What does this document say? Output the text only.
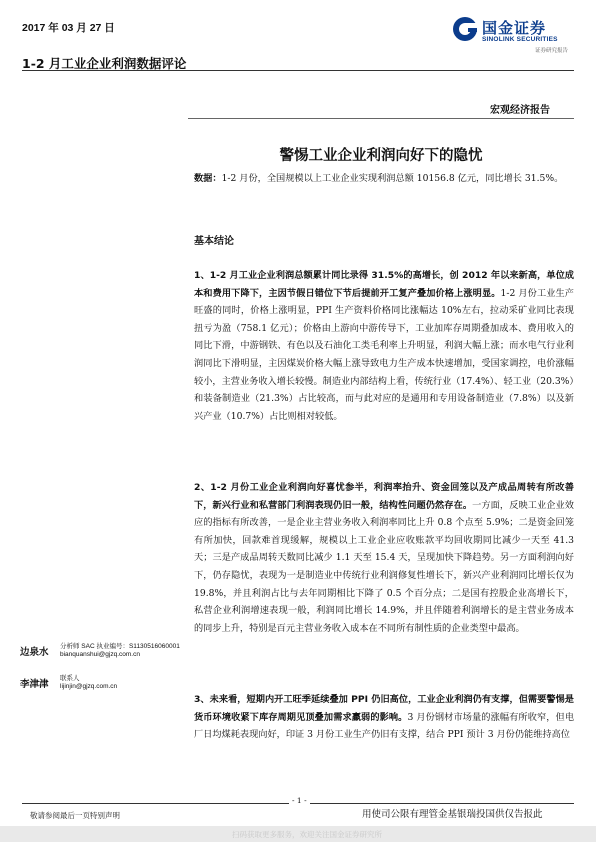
2017 年 03 月 27 日
1-2 月工业企业利润数据评论
国金证券
SINOLINK SECURITIES
证券研究报告
宏观经济报告
警惕工业企业利润向好下的隐忧
数据：1-2 月份，全国规模以上工业企业实现利润总额 10156.8 亿元，同比增长 31.5%。
基本结论
1、1-2 月工业企业利润总额累计同比录得 31.5%的高增长，创 2012 年以来新高，单位成本和费用下降下，主因节假日错位下节后提前开工复产叠加价格上涨明显。1-2 月份工业生产旺盛的同时，价格上涨明显，PPI 生产资料价格同比涨幅达 10%左右，拉动采矿业同比表现扭亏为盈（758.1 亿元）；价格由上游向中游传导下，工业加库存周期叠加成本、费用收入的同比下滑，中游钢铁、有色以及石油化工类毛利率上升明显，利润大幅上涨；而水电气行业利润同比下滑明显，主因煤炭价格大幅上涨导致电力生产成本快速增加，受国家调控，电价涨幅较小，主营业务收入增长较慢。制造业内部结构上看，传统行业（17.4%）、轻工业（20.3%）和装备制造业（21.3%）占比较高，而与此对应的是通用和专用设备制造业（7.8%）以及新兴产业（10.7%）占比则相对较低。
2、1-2 月份工业企业利润向好喜忧参半，利润率抬升、资金回笼以及产成品周转有所改善下，新兴行业和私营部门利润表现仍旧一般，结构性问题仍然存在。一方面，反映工业企业效应的指标有所改善，一是企业主营业务收入利润率同比上升 0.8 个点至 5.9%；二是资金回笼有所加快，回款难首现缓解，规模以上工业企业应收账款平均回收期同比减少一天至 41.3 天；三是产成品周转天数同比减少 1.1 天至 15.4 天，呈现加快下降趋势。另一方面利润向好下，仍存隐忧，表现为一是制造业中传统行业利润修复性增长下，新兴产业利润同比增长仅为 19.8%，并且利润占比与去年同期相比下降了 0.5 个百分点；二是国有控股企业高增长下，私营企业利润增速表现一般，利润同比增长 14.9%，并且伴随着利润增长的是主营业务成本的同步上升，特别是百元主营业务收入成本在不同所有制性质的企业类型中最高。
3、未来看，短期内开工旺季延续叠加 PPI 仍旧高位，工业企业利润仍有支撑，但需要警惕是货币环境收紧下库存周期见顶叠加需求羸弱的影响。3 月份钢材市场量的涨幅有所收窄，但电厂日均煤耗表现向好，印证 3 月份工业生产仍旧有支撑，结合 PPI 预计 3 月份仍能维持高位
边泉水
分析师 SAC 执业编号：S1130516060001
bianquanshui@gjzq.com.cn
李津津
联系人
lijinjin@gjzq.com.cn
- 1 -
敬请参阅最后一页特别声明	用使司公限有理管金基银瑞投国供仅告报此
扫码获取更多服务，欢迎关注国金证券研究所
